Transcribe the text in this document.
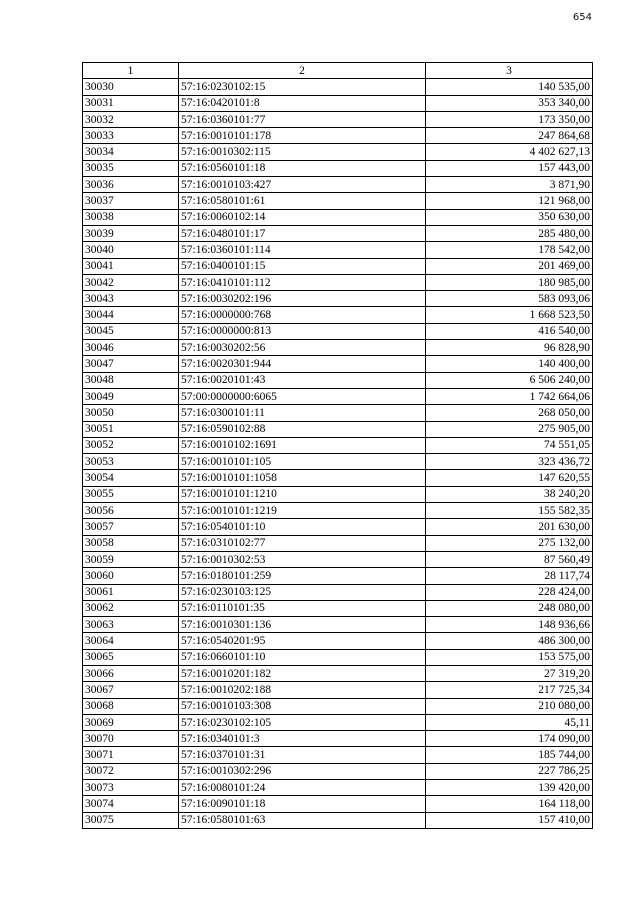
654
1	2	3
30030	57:16:0230102:15	140 535,00
30031	57:16:0420101:8	353 340,00
30032	57:16:0360101:77	173 350,00
30033	57:16:0010101:178	247 864,68
30034	57:16:0010302:115	4 402 627,13
30035	57:16:0560101:18	157 443,00
30036	57:16:0010103:427	3 871,90
30037	57:16:0580101:61	121 968,00
30038	57:16:0060102:14	350 630,00
30039	57:16:0480101:17	285 480,00
30040	57:16:0360101:114	178 542,00
30041	57:16:0400101:15	201 469,00
30042	57:16:0410101:112	180 985,00
30043	57:16:0030202:196	583 093,06
30044	57:16:0000000:768	1 668 523,50
30045	57:16:0000000:813	416 540,00
30046	57:16:0030202:56	96 828,90
30047	57:16:0020301:944	140 400,00
30048	57:16:0020101:43	6 506 240,00
30049	57:00:0000000:6065	1 742 664,06
30050	57:16:0300101:11	268 050,00
30051	57:16:0590102:88	275 905,00
30052	57:16:0010102:1691	74 551,05
30053	57:16:0010101:105	323 436,72
30054	57:16:0010101:1058	147 620,55
30055	57:16:0010101:1210	38 240,20
30056	57:16:0010101:1219	155 582,35
30057	57:16:0540101:10	201 630,00
30058	57:16:0310102:77	275 132,00
30059	57:16:0010302:53	87 560,49
30060	57:16:0180101:259	28 117,74
30061	57:16:0230103:125	228 424,00
30062	57:16:0110101:35	248 080,00
30063	57:16:0010301:136	148 936,66
30064	57:16:0540201:95	486 300,00
30065	57:16:0660101:10	153 575,00
30066	57:16:0010201:182	27 319,20
30067	57:16:0010202:188	217 725,34
30068	57:16:0010103:308	210 080,00
30069	57:16:0230102:105	45,11
30070	57:16:0340101:3	174 090,00
30071	57:16:0370101:31	185 744,00
30072	57:16:0010302:296	227 786,25
30073	57:16:0080101:24	139 420,00
30074	57:16:0090101:18	164 118,00
30075	57:16:0580101:63	157 410,00
